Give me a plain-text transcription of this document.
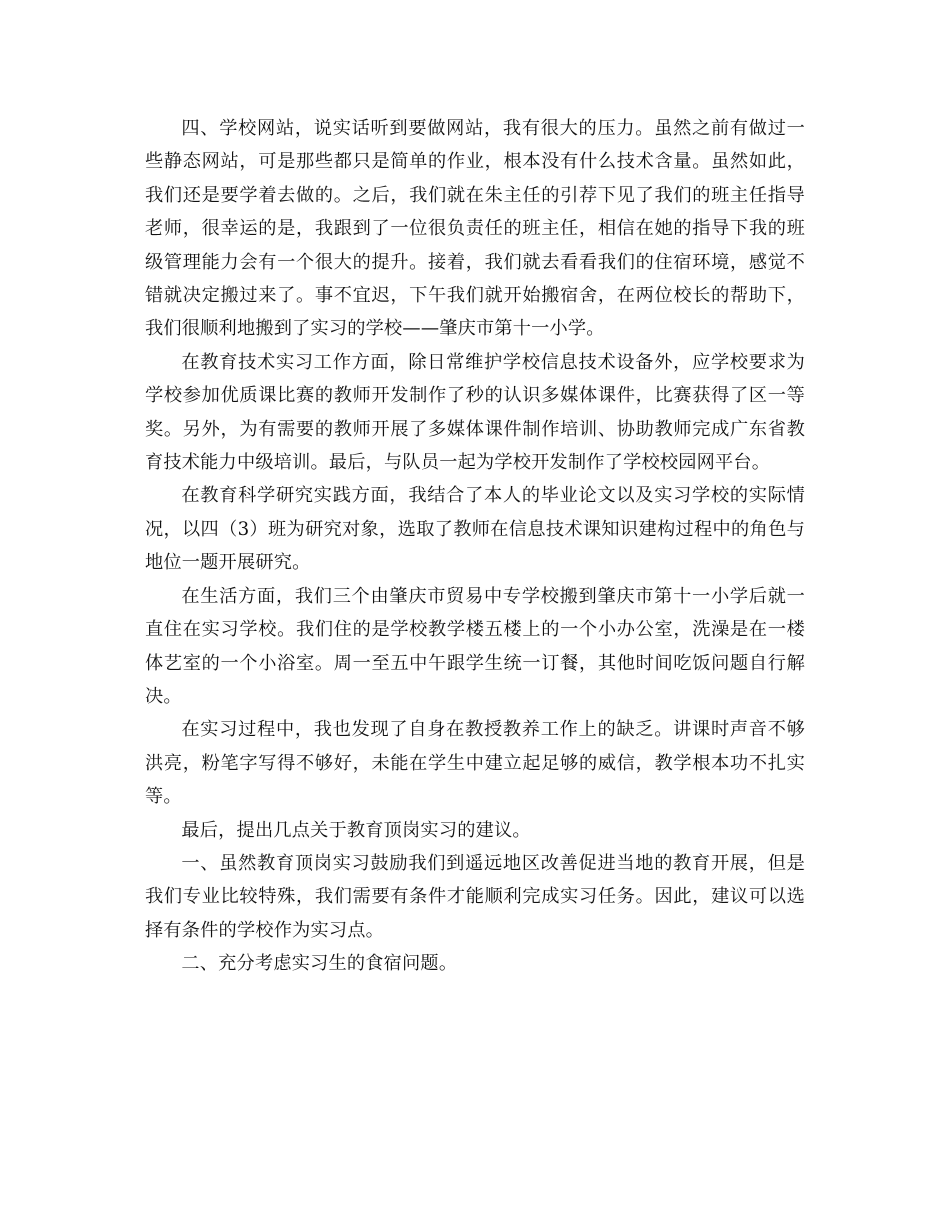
四、学校网站，说实话听到要做网站，我有很大的压力。虽然之前有做过一些静态网站，可是那些都只是简单的作业，根本没有什么技术含量。虽然如此，我们还是要学着去做的。之后，我们就在朱主任的引荐下见了我们的班主任指导老师，很幸运的是，我跟到了一位很负责任的班主任，相信在她的指导下我的班级管理能力会有一个很大的提升。接着，我们就去看看我们的住宿环境，感觉不错就决定搬过来了。事不宜迟，下午我们就开始搬宿舍，在两位校长的帮助下，我们很顺利地搬到了实习的学校——肇庆市第十一小学。

在教育技术实习工作方面，除日常维护学校信息技术设备外，应学校要求为学校参加优质课比赛的教师开发制作了秒的认识多媒体课件，比赛获得了区一等奖。另外，为有需要的教师开展了多媒体课件制作培训、协助教师完成广东省教育技术能力中级培训。最后，与队员一起为学校开发制作了学校校园网平台。

在教育科学研究实践方面，我结合了本人的毕业论文以及实习学校的实际情况，以四（3）班为研究对象，选取了教师在信息技术课知识建构过程中的角色与地位一题开展研究。

在生活方面，我们三个由肇庆市贸易中专学校搬到肇庆市第十一小学后就一直住在实习学校。我们住的是学校教学楼五楼上的一个小办公室，洗澡是在一楼体艺室的一个小浴室。周一至五中午跟学生统一订餐，其他时间吃饭问题自行解决。

在实习过程中，我也发现了自身在教授教养工作上的缺乏。讲课时声音不够洪亮，粉笔字写得不够好，未能在学生中建立起足够的威信，教学根本功不扎实等。

最后，提出几点关于教育顶岗实习的建议。

一、虽然教育顶岗实习鼓励我们到遥远地区改善促进当地的教育开展，但是我们专业比较特殊，我们需要有条件才能顺利完成实习任务。因此，建议可以选择有条件的学校作为实习点。

二、充分考虑实习生的食宿问题。
